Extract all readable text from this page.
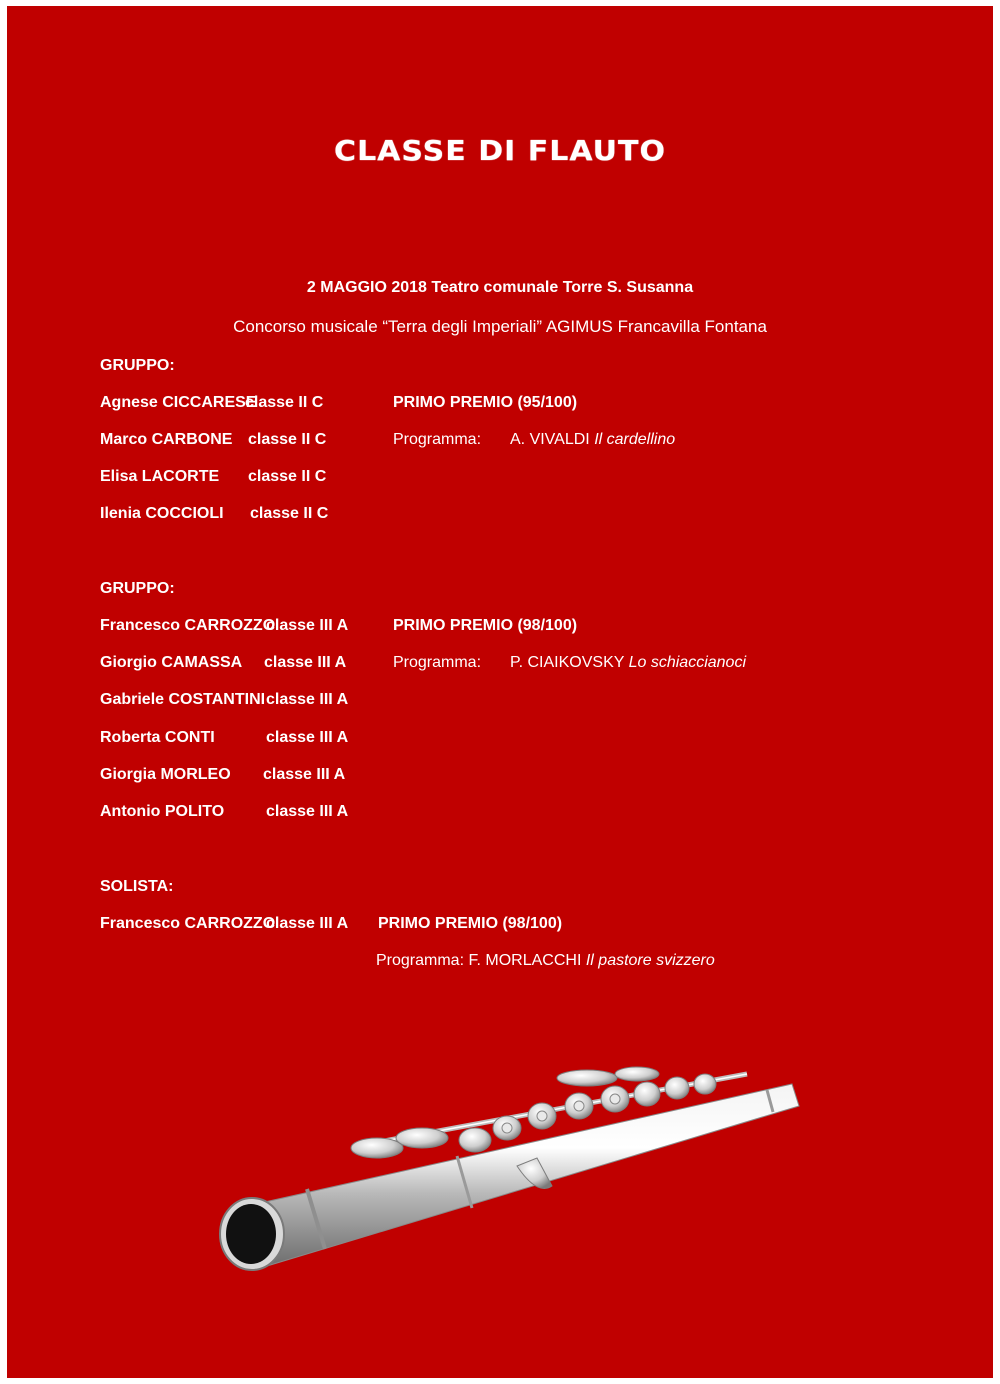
CLASSE DI FLAUTO
2 MAGGIO 2018 Teatro comunale Torre S. Susanna
Concorso musicale “Terra degli Imperiali” AGIMUS Francavilla Fontana
GRUPPO:
Agnese CICCARESE
classe II C
Marco CARBONE classe II C
Elisa LACORTE classe II C
Ilenia COCCIOLI classe II C
PRIMO PREMIO (95/100)
Programma: A. VIVALDI Il cardellino
GRUPPO:
Francesco CARROZZO
classe III A
Giorgio CAMASSA classe III A
Gabriele COSTANTINI classe III A
Roberta CONTI	classe III A
Giorgia MORLEO classe III A
Antonio POLITO	classe III A
PRIMO PREMIO (98/100)
Programma: P. CIAIKOVSKY Lo schiaccianoci
SOLISTA:
Francesco CARROZZO
classe III A PRIMO PREMIO (98/100)
Programma: F. MORLACCHI Il pastore svizzero
